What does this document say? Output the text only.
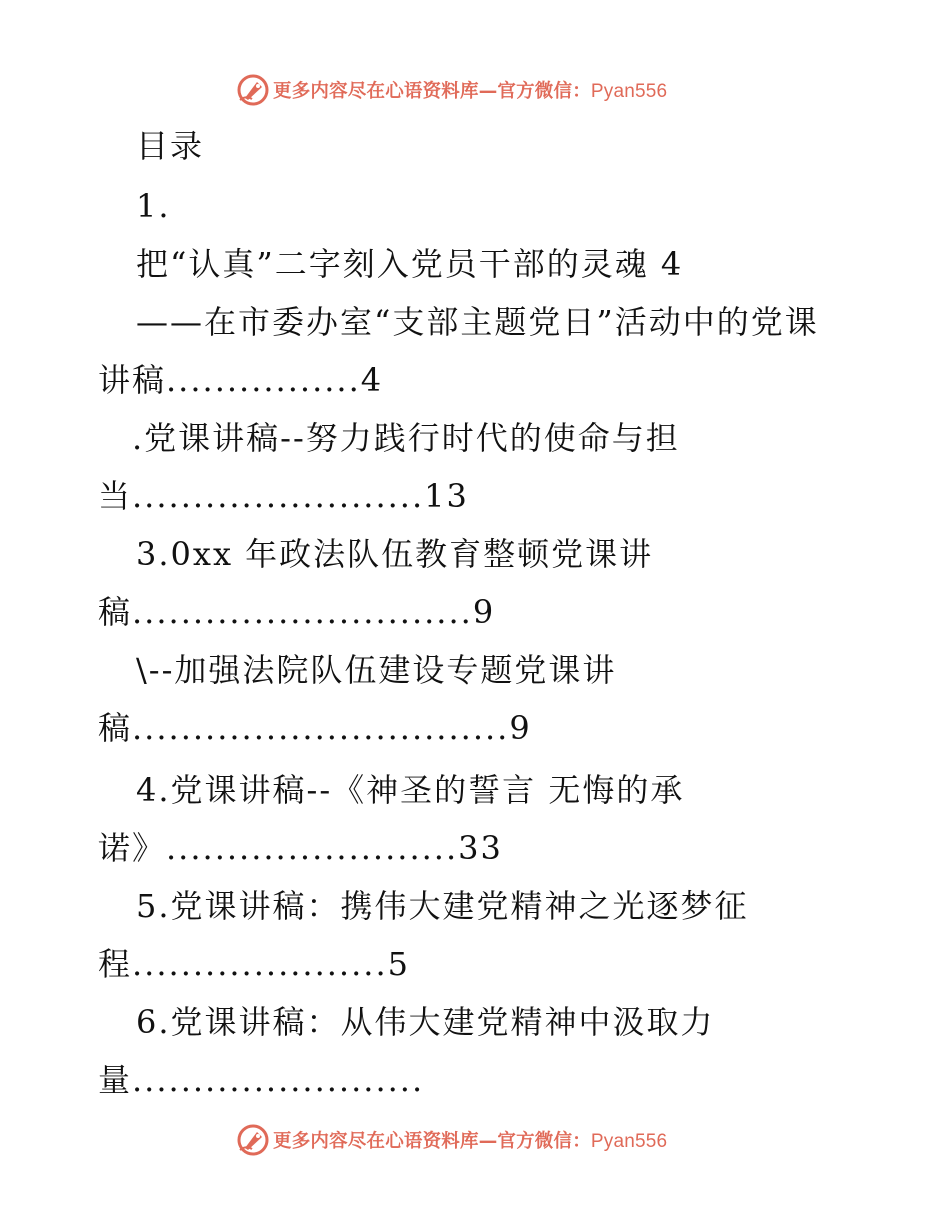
更多内容尽在心语资料库—官方微信：Pyan556
目录
1.
把“认真”二字刻入党员干部的灵魂 4
——在市委办室“支部主题党日”活动中的党课
讲稿................4
.党课讲稿--努力践行时代的使命与担
当........................13
3.0xx 年政法队伍教育整顿党课讲
稿............................9
\--加强法院队伍建设专题党课讲
稿...............................9
4.党课讲稿--《神圣的誓言 无悔的承
诺》........................33
5.党课讲稿：携伟大建党精神之光逐梦征
程.....................5
6.党课讲稿：从伟大建党精神中汲取力
量........................
更多内容尽在心语资料库—官方微信：Pyan556
